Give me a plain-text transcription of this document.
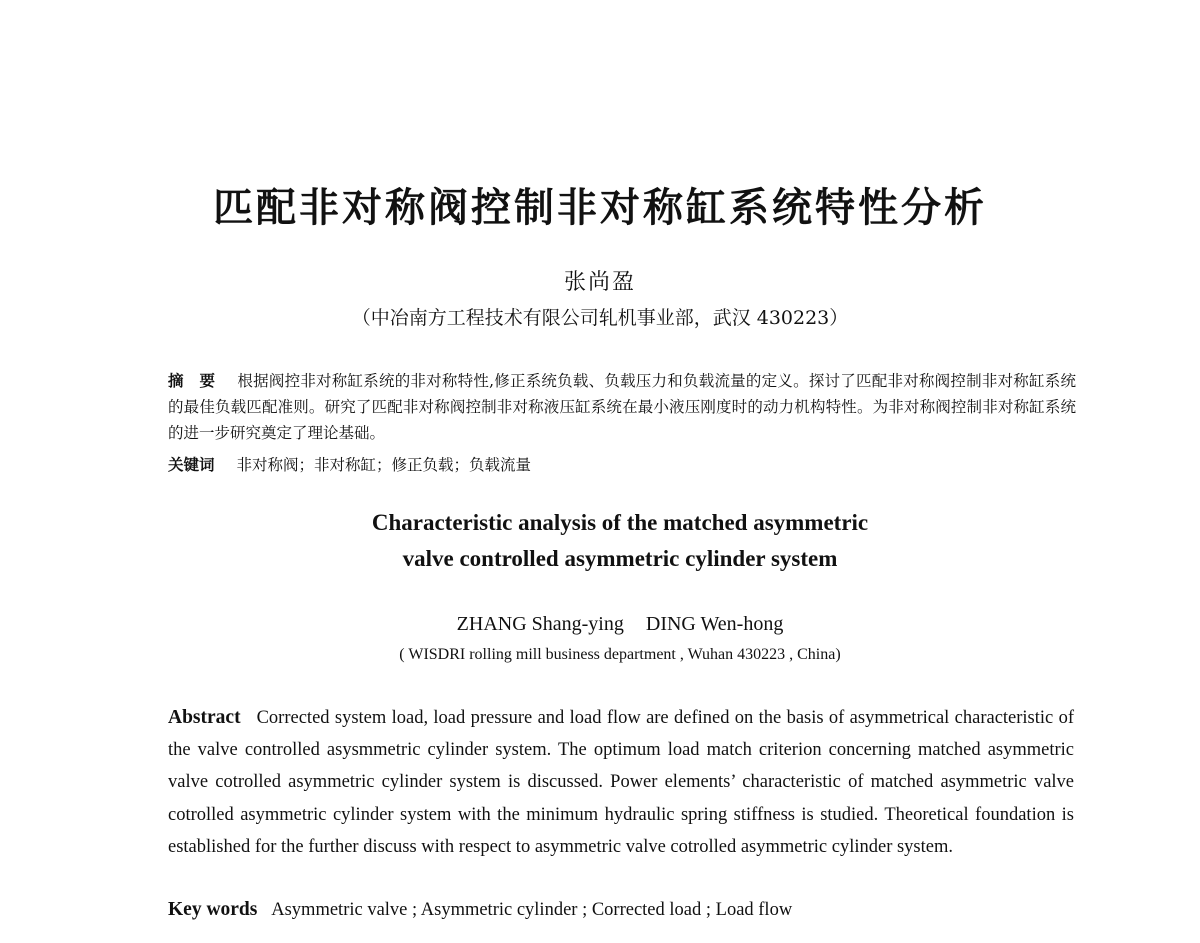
匹配非对称阀控制非对称缸系统特性分析
张尚盈
（中冶南方工程技术有限公司轧机事业部，武汉 430223）
摘　要 根据阀控非对称缸系统的非对称特性,修正系统负载、负载压力和负载流量的定义。探讨了匹配非对称阀控制非对称缸系统的最佳负载匹配准则。研究了匹配非对称阀控制非对称液压缸系统在最小液压刚度时的动力机构特性。为非对称阀控制非对称缸系统的进一步研究奠定了理论基础。
关键词 非对称阀；非对称缸；修正负载；负载流量
Characteristic analysis of the matched asymmetric
valve controlled asymmetric cylinder system
ZHANG Shang-ying DING Wen-hong
( WISDRI rolling mill business department , Wuhan 430223 , China)
Abstract Corrected system load, load pressure and load flow are defined on the basis of asymmetrical characteristic of the valve controlled asysmmetric cylinder system. The optimum load match criterion concerning matched asymmetric valve cotrolled asymmetric cylinder system is discussed. Power elements’ characteristic of matched asymmetric valve cotrolled asymmetric cylinder system with the minimum hydraulic spring stiffness is studied. Theoretical foundation is established for the further discuss with respect to asymmetric valve cotrolled asymmetric cylinder system.
Key words Asymmetric valve ; Asymmetric cylinder ; Corrected load ; Load flow
